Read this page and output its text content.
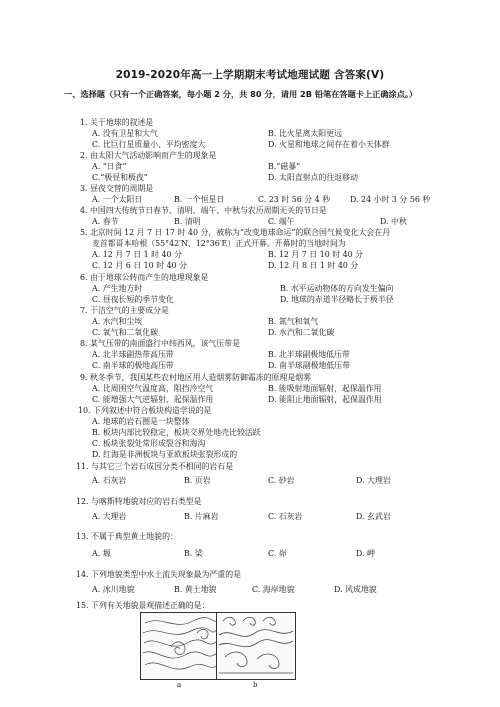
2019-2020年高一上学期期末考试地理试题 含答案(V)
一、选择题（只有一个正确答案，每小题 2 分，共 80 分，请用 2B 铅笔在答题卡上正确涂点。）
1. 关于地球的叙述是
A. 没有卫星和大气	B. 比火星离太阳更远
C. 比巨行星质量小、平均密度大	D. 火星和地球之间存在着小天体群
2. 由太阳大气活动影响而产生的现象是
A. “日食”	B.“磁暴”
C.“极昼和极夜”	D. 太阳直射点的往返移动
3. 昼夜交替的周期是
A. 一个太阳日	B. 一个恒星日	C. 23 时 56 分 4 秒	D. 24 小时 3 分 56 秒
4. 中国四大传统节日春节、清明、端午、中秋与农历周期无关的节日是
A. 春节	B. 清明	C. 端午	D. 中秋
5. 北京时间 12 月 7 日 17 时 40 分，被称为“改变地球命运”的联合国气候变化大会在丹
麦首都哥本哈根（55°42′N、12°36′E）正式开幕。开幕时的当地时间为
A. 12 月 7 日 1 时 40 分	B. 12 月 7 日 10 时 40 分
C. 12 月 6 日 10 时 40 分	D. 12 月 8 日 1 时 40 分
6. 由于地球公转而产生的地理现象是
A. 产生地方时	B. 水平运动物体的方向发生偏向
C. 昼夜长短的季节变化	D. 地球的赤道半径略长于极半径
7. 干洁空气的主要成分是
A. 水汽和尘埃	B. 氮气和氧气
C. 氧气和二氧化碳	D. 水汽和二氧化碳
8. 某气压带的南面盛行中纬西风，该气压带是
A. 北半球副热带高压带	B. 北半球副极地低压带
C. 南半球的极地高压带	D. 南半球副极地低压带
9. 秋冬季节，我国某些农村地区用人造烟雾防御霜冻的原理是烟雾
A. 比周围空气温度高，阻挡冷空气	B. 能吸射地面辐射，起保温作用
C. 能增强大气逆辐射，起保温作用	D. 能阻止地面辐射，起保温作用
10. 下列叙述中符合板块构造学说的是
A. 地球的岩石圈是一块整体
B. 板块内部比较稳定，板块交界处地壳比较活跃
C. 板块张裂处常形成裂谷和海沟
D. 红海是非洲板块与亚欧板块张裂形成的
11. 与其它三个岩石成因分类不相同的岩石是
A. 石灰岩	B. 页岩	C. 砂岩	D. 大理岩
12. 与喀斯特地貌对应的岩石类型是
A. 大理岩	B. 片麻岩	C. 石灰岩	D. 玄武岩
13. 不属于典型黄土地貌的：
A. 塬	B. 梁	C. 峁	D. 岬
14. 下列地貌类型中水土流失现象最为严重的是
A. 冰川地貌	B. 黄土地貌	C. 海岸地貌	D. 风成地貌
15. 下列有关地貌景观描述正确的是：
a	b
